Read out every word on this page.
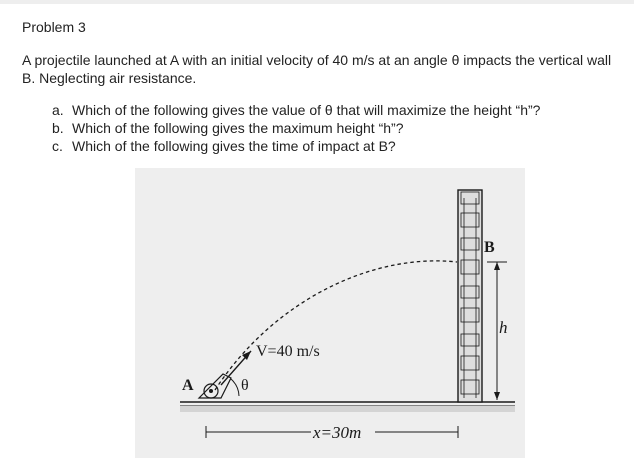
Problem 3
A projectile launched at A with an initial velocity of 40 m/s at an angle θ impacts the vertical wall B. Neglecting air resistance.
a. Which of the following gives the value of θ that will maximize the height “h”?
b. Which of the following gives the maximum height “h”?
c. Which of the following gives the time of impact at B?
θ
A
B
V=40 m/s
h
x=30m
